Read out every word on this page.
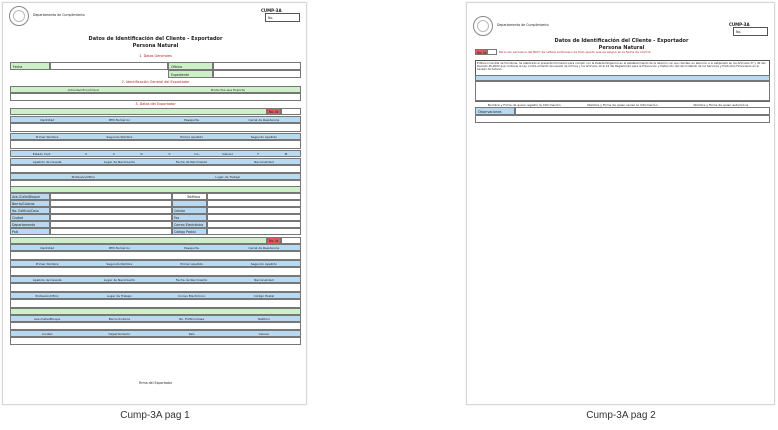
Departamento de Cumplimiento
CUMP-3A
No.
Datos de Identificación del Cliente - Exportador
Persona Natural
1. Datos Generales
Fecha	Oficina
Expediente
2. Identificación General del Exportador
Actividad Económica	Productos que Exporta
3. Datos del Exportador
No. Id
Identidad	RTN Numérico	Pasaporte	Carné de Residencia
Primer Nombre	Segundo Nombre	Primer Apellido	Segundo Apellido
Estado Civil	S	C	D	V	U.L.	Género	F	M
Apellido de Casada	Lugar de Nacimiento	Fecha de Nacimiento	Nacionalidad
Profesión/Oficio	Lugar de Trabajo
Ave./Calle/Bloque	Teléfono
Barrio/Colonia
No. Edificio/Casa	Celular
Ciudad	Fax
Departamento	Correo Electrónico
País	Código Postal
No. Id
Identidad	RTN Numérico	Pasaporte	Carné de Residencia
Primer Nombre	Segundo Nombre	Primer Apellido	Segundo Apellido
Apellido de Casada	Lugar de Nacimiento	Fecha de Nacimiento	Nacionalidad
Profesión/Oficio	Lugar de Trabajo	Correo Electrónico	Código Postal
Ave./Calle/Bloque	Barrio/Colonia	No. Edificio/Casa	Teléfono
Ciudad	Departamento	País	Celular
Firma del Exportador
Departamento de Cumplimiento	CUMP-3A
No.
Datos de Identificación del Cliente - Exportador
Persona Natural
No. Id	Para uso exclusivo del BCH: Se refiere al Número de folio quedó que se asignó en la fecha de control.
El Banco Central de Honduras, ha elaborado el presente formulario para cumplir con la Debida Diligencia en el establecimiento de la relación con sus clientes, en atención a lo estipulado en los Artículos 37 y 40 del Decreto 45-2002 que contiene la Ley contra el Delito de Lavado de Activos y los artículos 10 al 22 del Reglamento para la Prevención y Detección del Uso Indebido de los Servicios y Productos Financieros en el Lavado de Activos.
Nombre y Firma de quien registró la Información	Nombre y Firma de quien revisó la Información	Nombre y Firma de quien autorizó la
Observaciones
Cump-3A pag 1	Cump-3A pag 2
